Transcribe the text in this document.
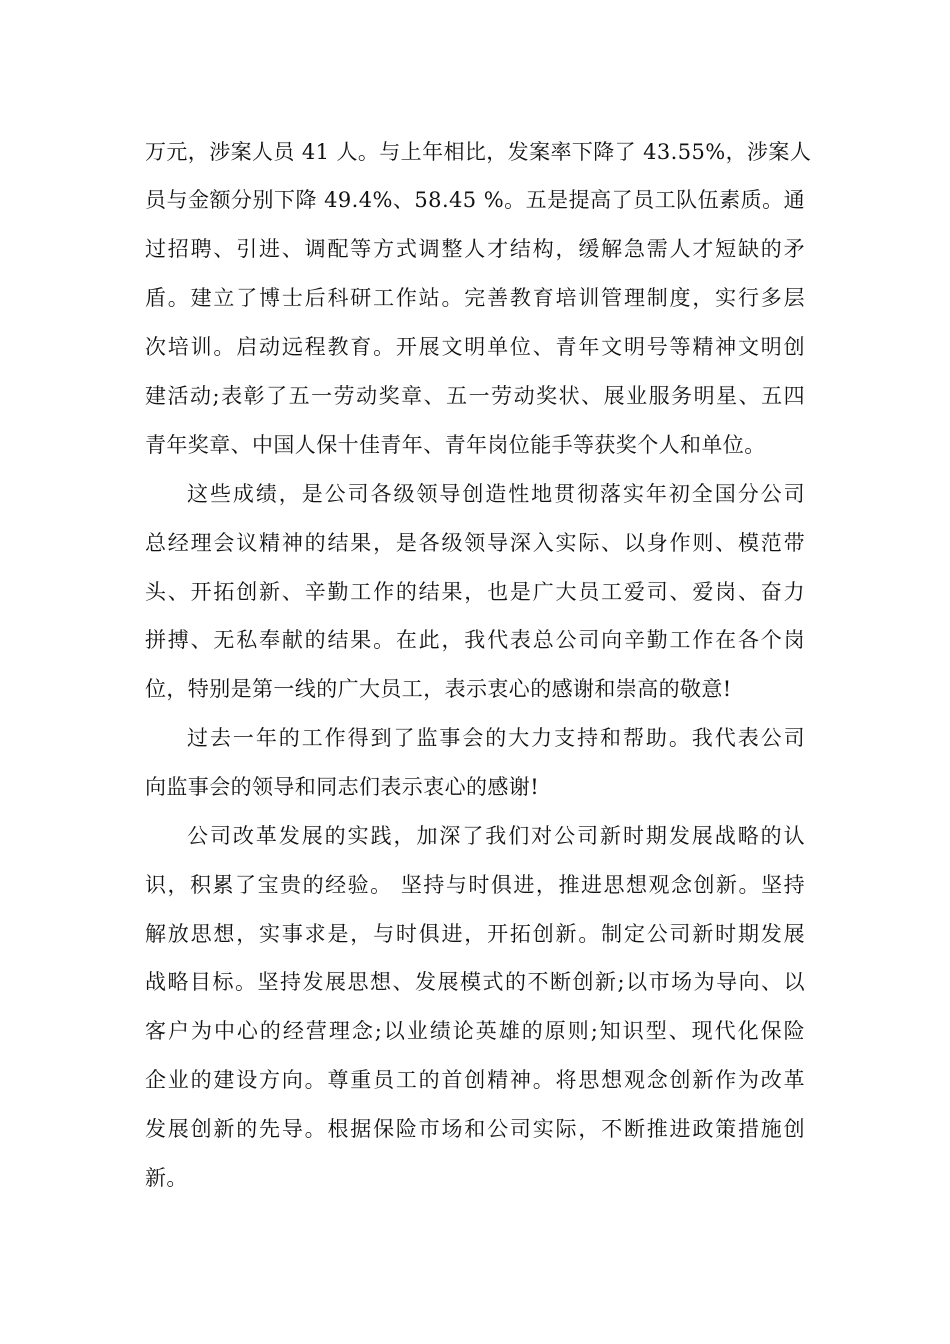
万元，涉案人员 41 人。与上年相比，发案率下降了 43.55%，涉案人
员与金额分别下降 49.4%、58.45 %。五是提高了员工队伍素质。通
过招聘、引进、调配等方式调整人才结构，缓解急需人才短缺的矛
盾。建立了博士后科研工作站。完善教育培训管理制度，实行多层
次培训。启动远程教育。开展文明单位、青年文明号等精神文明创
建活动;表彰了五一劳动奖章、五一劳动奖状、展业服务明星、五四
青年奖章、中国人保十佳青年、青年岗位能手等获奖个人和单位。
这些成绩，是公司各级领导创造性地贯彻落实年初全国分公司
总经理会议精神的结果，是各级领导深入实际、以身作则、模范带
头、开拓创新、辛勤工作的结果，也是广大员工爱司、爱岗、奋力
拼搏、无私奉献的结果。在此，我代表总公司向辛勤工作在各个岗
位，特别是第一线的广大员工，表示衷心的感谢和崇高的敬意!
过去一年的工作得到了监事会的大力支持和帮助。我代表公司
向监事会的领导和同志们表示衷心的感谢!
公司改革发展的实践，加深了我们对公司新时期发展战略的认
识，积累了宝贵的经验。 坚持与时俱进，推进思想观念创新。坚持
解放思想，实事求是，与时俱进，开拓创新。制定公司新时期发展
战略目标。坚持发展思想、发展模式的不断创新;以市场为导向、以
客户为中心的经营理念;以业绩论英雄的原则;知识型、现代化保险
企业的建设方向。尊重员工的首创精神。将思想观念创新作为改革
发展创新的先导。根据保险市场和公司实际，不断推进政策措施创
新。
